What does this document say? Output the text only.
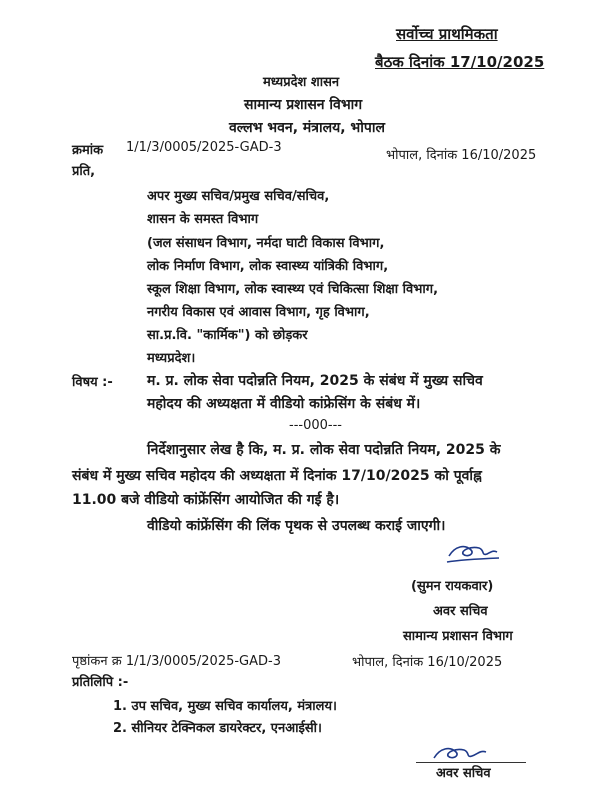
सर्वोच्च प्राथमिकता
बैठक दिनांक 17/10/2025
मध्यप्रदेश शासन
सामान्य प्रशासन विभाग
वल्लभ भवन, मंत्रालय, भोपाल
क्रमांक 1/1/3/0005/2025-GAD-3
भोपाल, दिनांक 16/10/2025
प्रति,
अपर मुख्य सचिव/प्रमुख सचिव/सचिव,
शासन के समस्त विभाग
(जल संसाधन विभाग, नर्मदा घाटी विकास विभाग,
लोक निर्माण विभाग, लोक स्वास्थ्य यांत्रिकी विभाग,
स्कूल शिक्षा विभाग, लोक स्वास्थ्य एवं चिकित्सा शिक्षा विभाग,
नगरीय विकास एवं आवास विभाग, गृह विभाग,
सा.प्र.वि. "कार्मिक") को छोड़कर
मध्यप्रदेश।
विषय :- म. प्र. लोक सेवा पदोन्नति नियम, 2025 के संबंध में मुख्य सचिव
महोदय की अध्यक्षता में वीडियो कांफ्रेसिंग के संबंध में।
---000---
निर्देशानुसार लेख है कि, म. प्र. लोक सेवा पदोन्नति नियम, 2025 के
संबंध में मुख्य सचिव महोदय की अध्यक्षता में दिनांक 17/10/2025 को पूर्वाह्न
11.00 बजे वीडियो कांफ्रेंसिंग आयोजित की गई है।
वीडियो कांफ्रेंसिंग की लिंक पृथक से उपलब्ध कराई जाएगी।
(सुमन रायकवार)
अवर सचिव
सामान्य प्रशासन विभाग
पृष्ठांकन क्र 1/1/3/0005/2025-GAD-3	भोपाल, दिनांक 16/10/2025
प्रतिलिपि :-
1. उप सचिव, मुख्य सचिव कार्यालय, मंत्रालय।
2. सीनियर टेक्निकल डायरेक्टर, एनआईसी।
अवर सचिव
